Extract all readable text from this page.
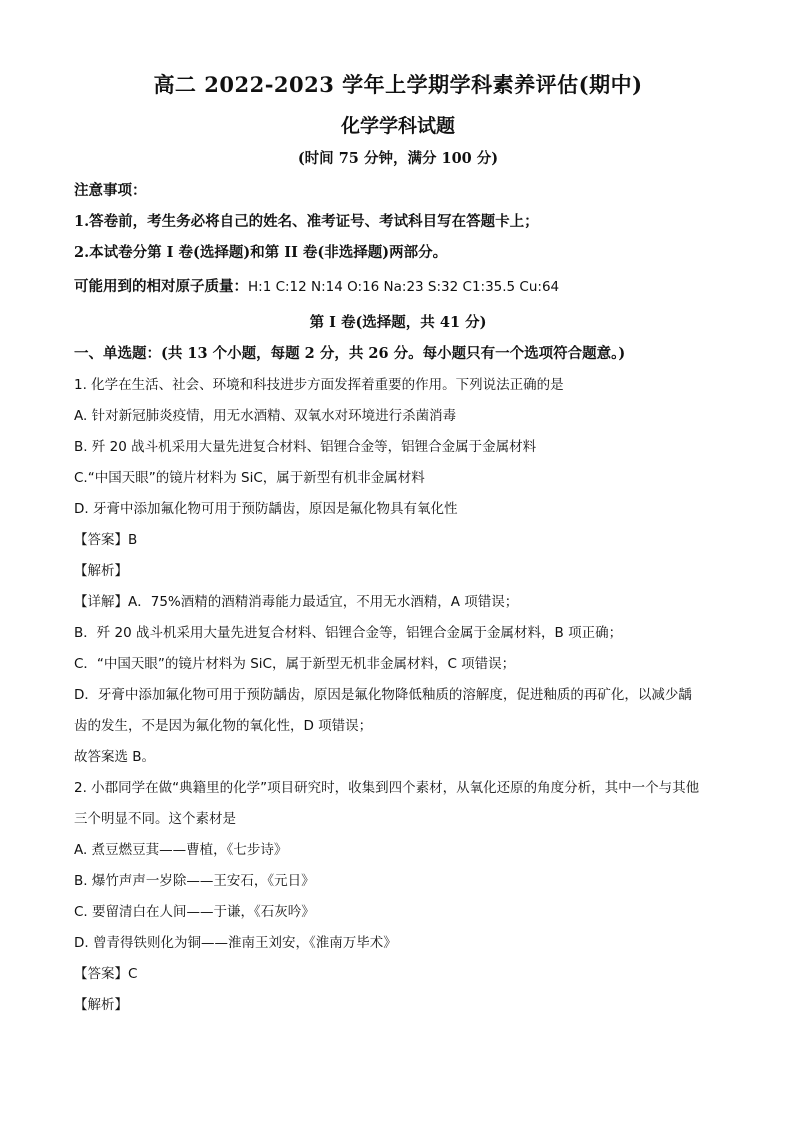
高二 2022-2023 学年上学期学科素养评估(期中)
化学学科试题
(时间 75 分钟，满分 100 分)
注意事项：
1.答卷前，考生务必将自己的姓名、准考证号、考试科目写在答题卡上；
2.本试卷分第 I 卷(选择题)和第 II 卷(非选择题)两部分。
可能用到的相对原子质量：H:1 C:12 N:14 O:16 Na:23 S:32 C1:35.5 Cu:64
第 I 卷(选择题，共 41 分)
一、单选题：(共 13 个小题，每题 2 分，共 26 分。每小题只有一个选项符合题意。)
1. 化学在生活、社会、环境和科技进步方面发挥着重要的作用。下列说法正确的是
A. 针对新冠肺炎疫情，用无水酒精、双氧水对环境进行杀菌消毒
B. 歼 20 战斗机采用大量先进复合材料、铝锂合金等，铝锂合金属于金属材料
C.“中国天眼”的镜片材料为 SiC，属于新型有机非金属材料
D. 牙膏中添加氟化物可用于预防龋齿，原因是氟化物具有氧化性
【答案】B
【解析】
【详解】A．75%酒精的酒精消毒能力最适宜，不用无水酒精，A 项错误；
B．歼 20 战斗机采用大量先进复合材料、铝锂合金等，铝锂合金属于金属材料，B 项正确；
C．“中国天眼”的镜片材料为 SiC，属于新型无机非金属材料，C 项错误；
D．牙膏中添加氟化物可用于预防龋齿，原因是氟化物降低釉质的溶解度，促进釉质的再矿化，以减少龋
齿的发生，不是因为氟化物的氧化性，D 项错误；
故答案选 B。
2. 小郡同学在做“典籍里的化学”项目研究时，收集到四个素材，从氧化还原的角度分析，其中一个与其他
三个明显不同。这个素材是
A. 煮豆燃豆萁——曹植，《七步诗》
B. 爆竹声声一岁除——王安石，《元日》
C. 要留清白在人间——于谦，《石灰吟》
D. 曾青得铁则化为铜——淮南王刘安，《淮南万毕术》
【答案】C
【解析】
